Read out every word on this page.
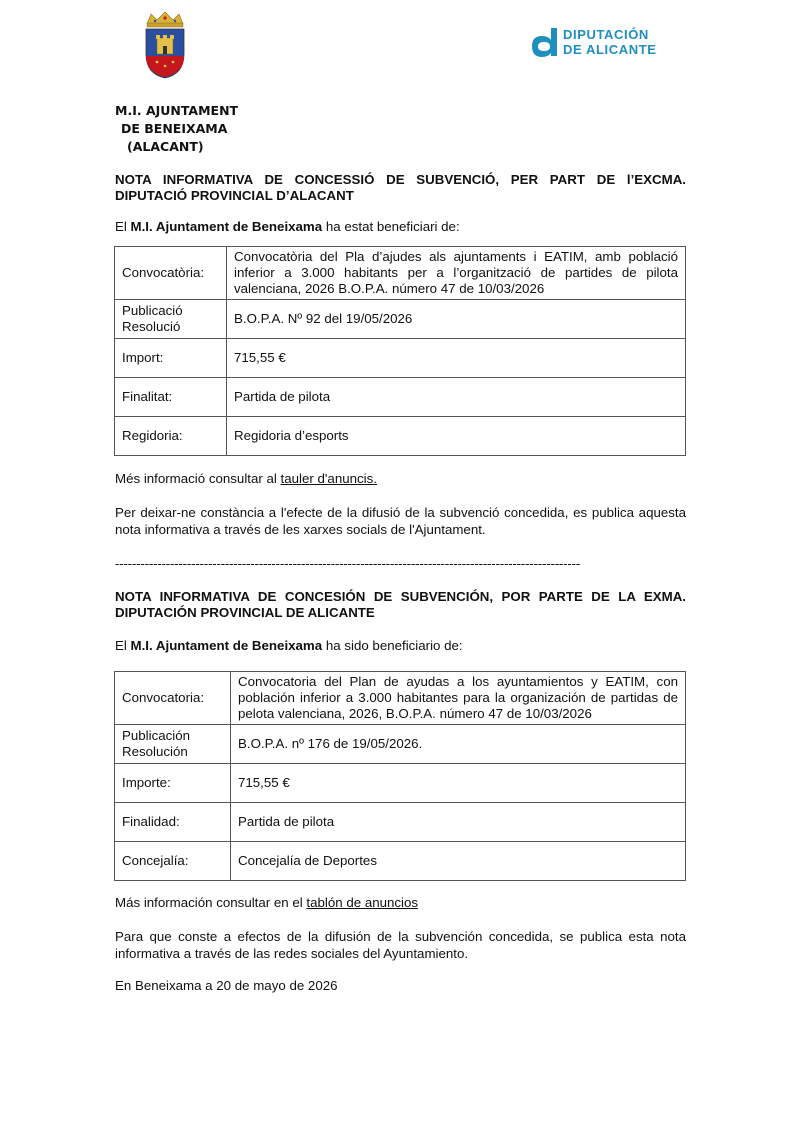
DIPUTACIÓN
DE ALICANTE
M.I. AJUNTAMENT
DE BENEIXAMA
(ALACANT)
NOTA INFORMATIVA DE CONCESSIÓ DE SUBVENCIÓ, PER PART DE l’EXCMA. DIPUTACIÓ PROVINCIAL D’ALACANT
El M.I. Ajuntament de Beneixama ha estat beneficiari de:
Convocatòria:	Convocatòria del Pla d’ajudes als ajuntaments i EATIM, amb població inferior a 3.000 habitants per a l’organització de partides de pilota valenciana, 2026 B.O.P.A. número 47 de 10/03/2026
Publicació Resolució	B.O.P.A. Nº 92 del 19/05/2026
Import:	715,55 €
Finalitat:	Partida de pilota
Regidoria:	Regidoria d’esports
Més informació consultar al tauler d'anuncis.
Per deixar-ne constància a l'efecte de la difusió de la subvenció concedida, es publica aquesta nota informativa a través de les xarxes socials de l'Ajuntament.
--------------------------------------------------------------------------------------------------------------
NOTA INFORMATIVA DE CONCESIÓN DE SUBVENCIÓN, POR PARTE DE LA EXMA. DIPUTACIÓN PROVINCIAL DE ALICANTE
El M.I. Ajuntament de Beneixama ha sido beneficiario de:
Convocatoria:	Convocatoria del Plan de ayudas a los ayuntamientos y EATIM, con población inferior a 3.000 habitantes para la organización de partidas de pelota valenciana, 2026, B.O.P.A. número 47 de 10/03/2026
Publicación Resolución	B.O.P.A. nº 176 de 19/05/2026.
Importe:	715,55 €
Finalidad:	Partida de pilota
Concejalía:	Concejalía de Deportes
Más información consultar en el tablón de anuncios
Para que conste a efectos de la difusión de la subvención concedida, se publica esta nota informativa a través de las redes sociales del Ayuntamiento.
En Beneixama a 20 de mayo de 2026
